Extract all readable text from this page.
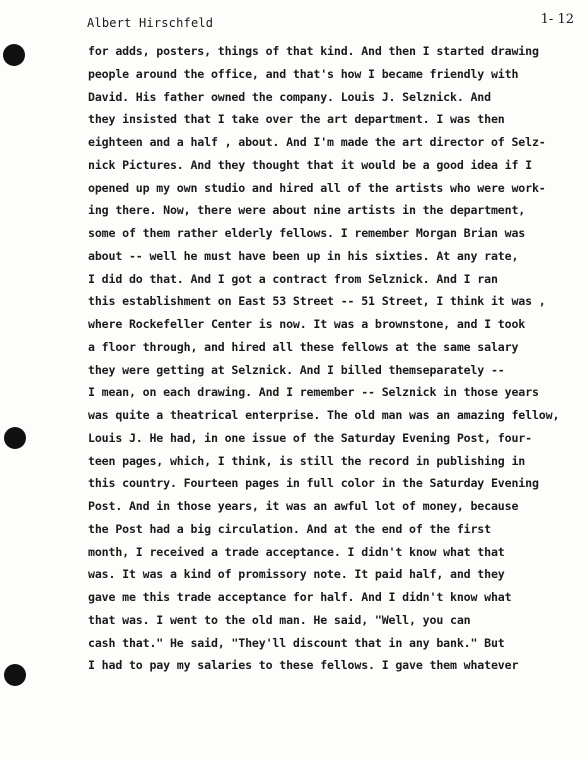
Albert Hirschfeld	1- 12
for adds, posters, things of that kind. And then I started drawing
people around the office, and that's how I became friendly with
David. His father owned the company. Louis J. Selznick. And
they insisted that I take over the art department. I was then
eighteen and a half , about. And I'm made the art director of Selz-
nick Pictures. And they thought that it would be a good idea if I
opened up my own studio and hired all of the artists who were work-
ing there. Now, there were about nine artists in the department,
some of them rather elderly fellows. I remember Morgan Brian was
about -- well he must have been up in his sixties. At any rate,
I did do that. And I got a contract from Selznick. And I ran
this establishment on East 53 Street -- 51 Street, I think it was ,
where Rockefeller Center is now. It was a brownstone, and I took
a floor through, and hired all these fellows at the same salary
they were getting at Selznick. And I billed themseparately --
I mean, on each drawing. And I remember -- Selznick in those years
was quite a theatrical enterprise. The old man was an amazing fellow,
Louis J. He had, in one issue of the Saturday Evening Post, four-
teen pages, which, I think, is still the record in publishing in
this country. Fourteen pages in full color in the Saturday Evening
Post. And in those years, it was an awful lot of money, because
the Post had a big circulation. And at the end of the first
month, I received a trade acceptance. I didn't know what that
was. It was a kind of promissory note. It paid half, and they
gave me this trade acceptance for half. And I didn't know what
that was. I went to the old man. He said, "Well, you can
cash that." He said, "They'll discount that in any bank." But
I had to pay my salaries to these fellows. I gave them whatever
